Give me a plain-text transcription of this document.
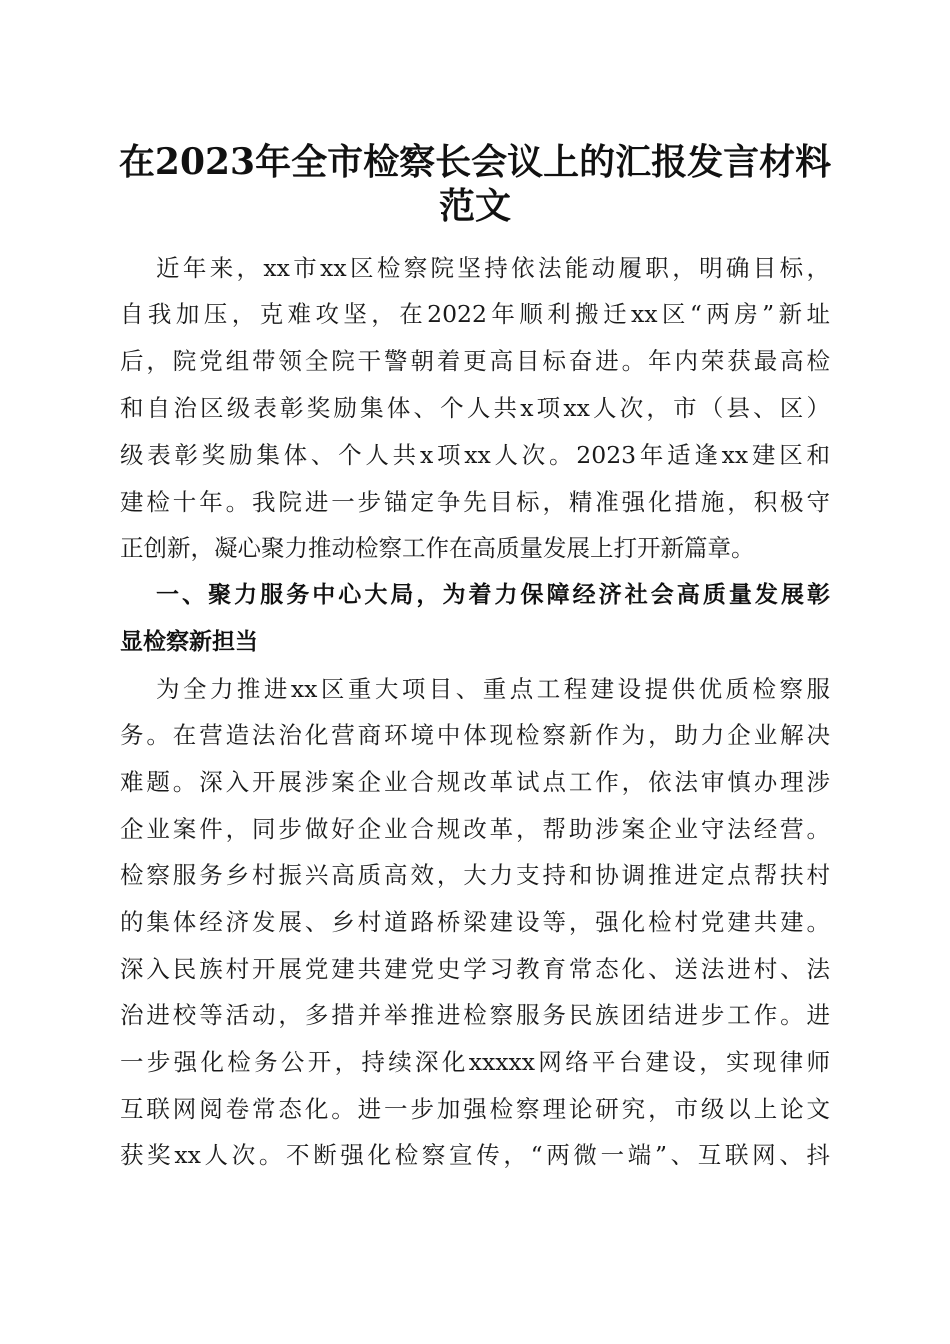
在2023年全市检察长会议上的汇报发言材料
范文
近年来，xx市xx区检察院坚持依法能动履职，明确目标，
自我加压，克难攻坚，在2022年顺利搬迁xx区“两房”新址
后，院党组带领全院干警朝着更高目标奋进。年内荣获最高检
和自治区级表彰奖励集体、个人共x项xx人次，市（县、区）
级表彰奖励集体、个人共x项xx人次。2023年适逢xx建区和
建检十年。我院进一步锚定争先目标，精准强化措施，积极守
正创新，凝心聚力推动检察工作在高质量发展上打开新篇章。
一、聚力服务中心大局，为着力保障经济社会高质量发展彰
显检察新担当
为全力推进xx区重大项目、重点工程建设提供优质检察服
务。在营造法治化营商环境中体现检察新作为，助力企业解决
难题。深入开展涉案企业合规改革试点工作，依法审慎办理涉
企业案件，同步做好企业合规改革，帮助涉案企业守法经营。
检察服务乡村振兴高质高效，大力支持和协调推进定点帮扶村
的集体经济发展、乡村道路桥梁建设等，强化检村党建共建。
深入民族村开展党建共建党史学习教育常态化、送法进村、法
治进校等活动，多措并举推进检察服务民族团结进步工作。进
一步强化检务公开，持续深化xxxxx网络平台建设，实现律师
互联网阅卷常态化。进一步加强检察理论研究，市级以上论文
获奖xx人次。不断强化检察宣传，“两微一端”、互联网、抖
